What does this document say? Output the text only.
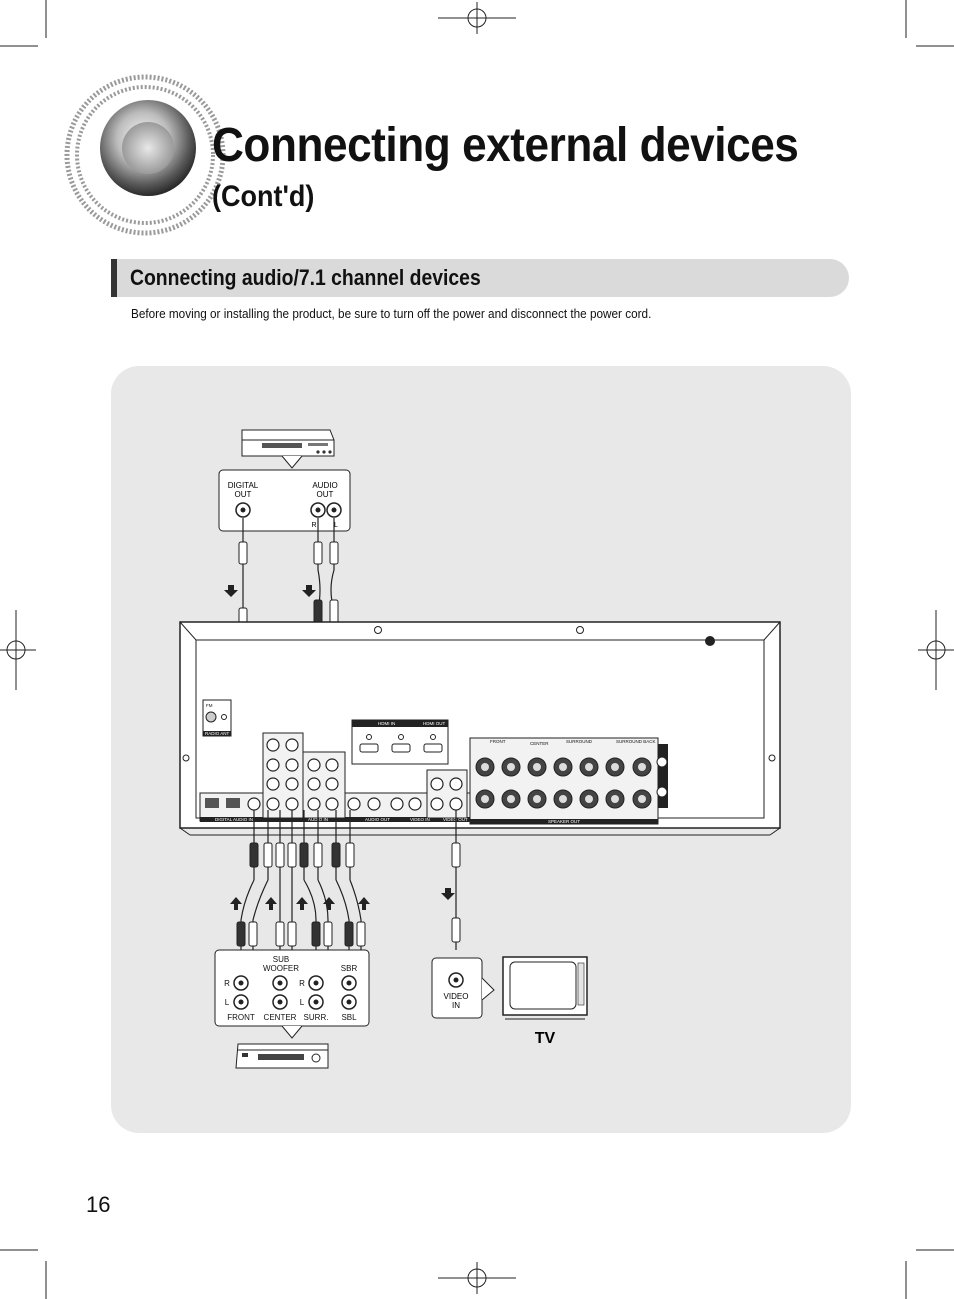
Connecting external devices
(Cont'd)
Connecting audio/7.1 channel devices
Before moving or installing the product, be sure to turn off the power and disconnect the power cord.
DIGITAL
OUT
AUDIO
OUT
R	L
FM
RADIO ANT
DIGITAL AUDIO IN	AUDIO IN	AUDIO OUT	VIDEO IN	VIDEO OUT
HDMI IN	HDMI OUT
SPEAKER OUT
FRONT	CENTER	SURROUND	SURROUND BACK
SUB
WOOFER	SBR
SBL
FRONT CENTER SURR.
R
L
R
L
VIDEO
IN
TV
16
